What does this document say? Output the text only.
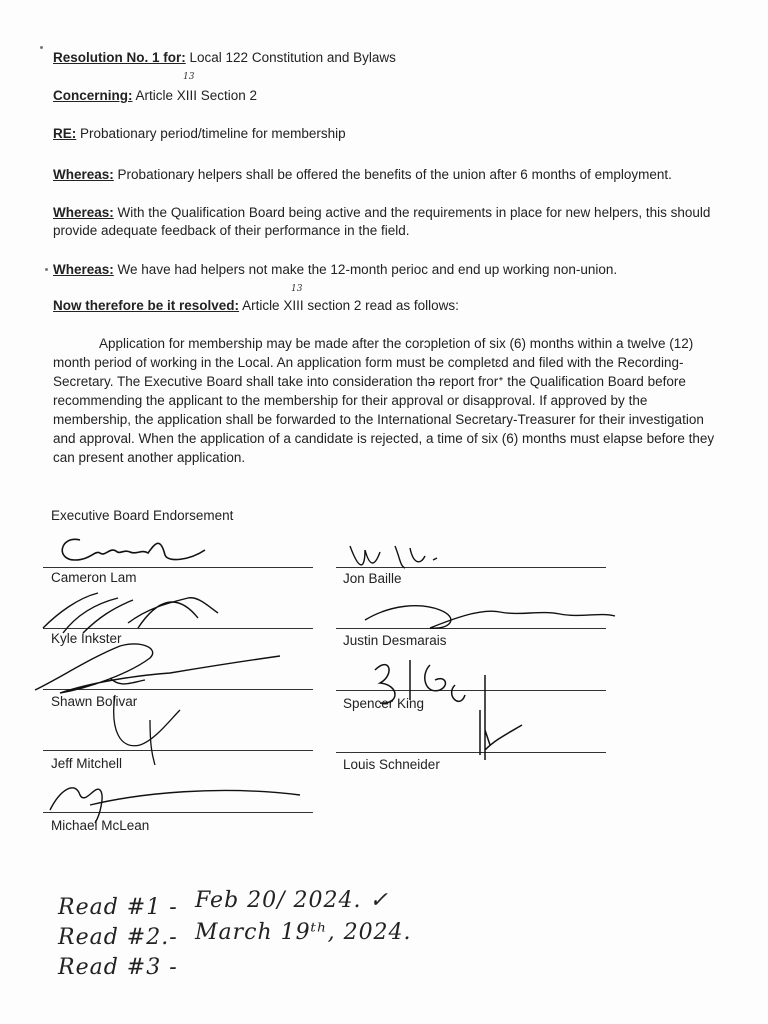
Resolution No. 1 for: Local 122 Constitution and Bylaws
13
Concerning: Article XIII Section 2
RE: Probationary period/timeline for membership
Whereas: Probationary helpers shall be offered the benefits of the union after 6 months of employment.
Whereas: With the Qualification Board being active and the requirements in place for new helpers, this should
provide adequate feedback of their performance in the field.
Whereas: We have had helpers not make the 12-month perioc and end up working non-union.
13
Now therefore be it resolved: Article XIII section 2 read as follows:
Application for membership may be made after the corɔpletion of six (6) months within a twelve (12) month period of working in the Local. An application form must be completɛd and filed with the Recording-Secretary. The Executive Board shall take into consideration thə report frorᐩ the Qualification Board before recommending the applicant to the membership for their approval or disapproval. If approved by the membership, the application shall be forwarded to the International Secretary-Treasurer for their investigation and approval. When the application of a candidate is rejected, a time of six (6) months must elapse before they can present another application.
Executive Board Endorsement
Cameron Lam
Kyle Inkster
Shawn Bolivar
Jeff Mitchell
Michael McLean
Jon Baille
Justin Desmarais
Spencer King
Louis Schneider
Read #1 - Feb 20/ 2024. ✓
Read #2.- March 19ᵗʰ, 2024.
Read #3 -
